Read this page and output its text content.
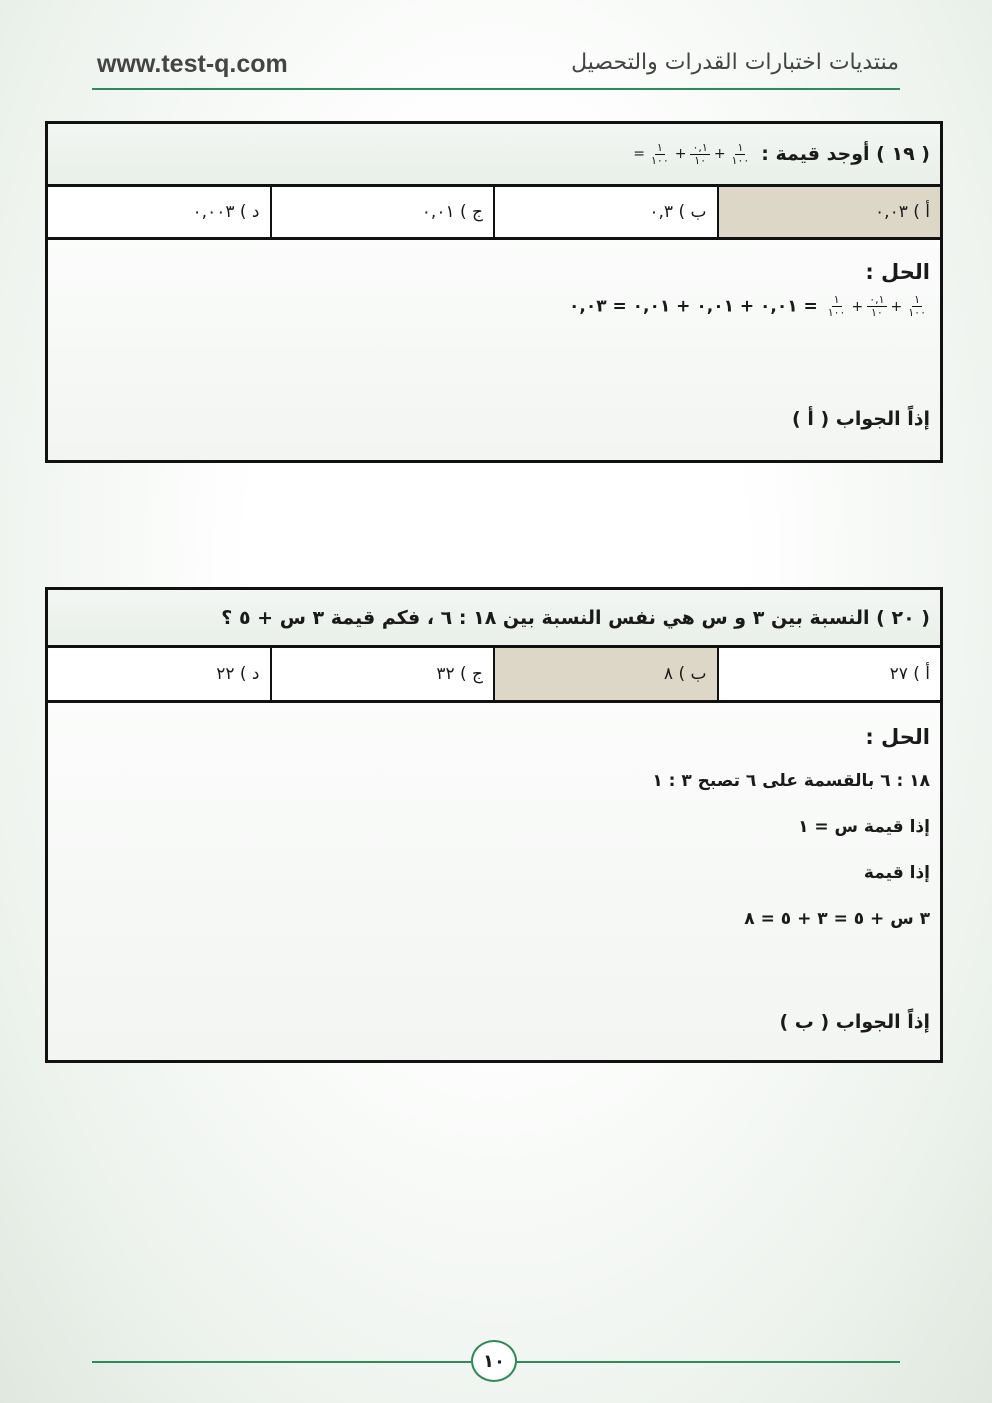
www.test-q.com	منتديات اختبارات القدرات والتحصيل
( ١٩ ) أوجد قيمة :
$\frac{١}{١٠٠}$
+
$\frac{٠,١}{١٠}$
+
$\frac{١}{١٠٠}$
=
أ ) ٠,٠٣
ب ) ٠,٣
ج ) ٠,٠١
د ) ٠,٠٠٣
الحل :
$\frac{١}{١٠٠}$
+
$\frac{٠,١}{١٠}$
+
$\frac{١}{١٠٠}$
= ٠,٠١ + ٠,٠١ + ٠,٠١ = ٠,٠٣
إذاً الجواب ( أ )
( ٢٠ ) النسبة بين ٣ و س هي نفس النسبة بين ١٨ : ٦ ، فكم قيمة ٣ س + ٥ ؟
أ ) ٢٧
ب ) ٨
ج ) ٣٢
د ) ٢٢
الحل :
١٨ : ٦ بالقسمة على ٦ تصبح ٣ : ١
إذا قيمة س = ١
إذا قيمة
٣ س + ٥ = ٣ + ٥ = ٨
إذاً الجواب ( ب )
١٠
